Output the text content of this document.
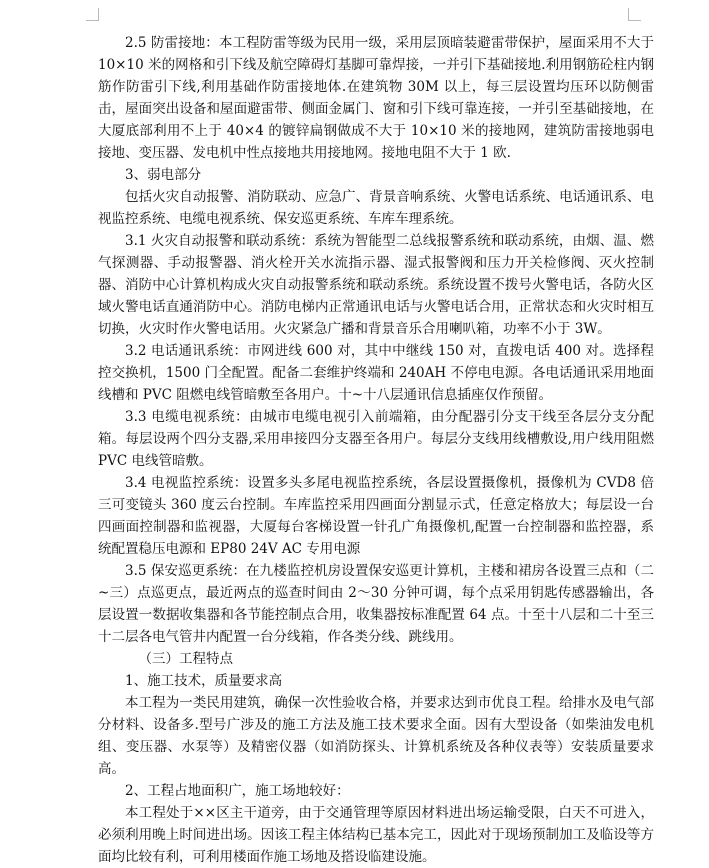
2.5 防雷接地：本工程防雷等级为民用一级，采用层顶暗装避雷带保护，屋面采用不大于10×10 米的网格和引下线及航空障碍灯基脚可靠焊接，一并引下基础接地.利用钢筋砼柱内钢筋作防雷引下线,利用基础作防雷接地体.在建筑物 30M 以上，每三层设置均压环以防侧雷击，屋面突出设备和屋面避雷带、侧面金属门、窗和引下线可靠连接，一并引至基础接地，在大厦底部利用不上于 40×4 的镀锌扁钢做成不大于 10×10 米的接地网，建筑防雷接地弱电接地、变压器、发电机中性点接地共用接地网。接地电阻不大于 1 欧.

3、弱电部分

包括火灾自动报警、消防联动、应急广、背景音响系统、火警电话系统、电话通讯系、电视监控系统、电缆电视系统、保安巡更系统、车库车理系统。

3.1 火灾自动报警和联动系统：系统为智能型二总线报警系统和联动系统，由烟、温、燃气探测器、手动报警器、消火栓开关水流指示器、湿式报警阀和压力开关检修阀、灭火控制器、消防中心计算机构成火灾自动报警系统和联动系统。系统设置不拨号火警电话，各防火区域火警电话直通消防中心。消防电梯内正常通讯电话与火警电话合用，正常状态和火灾时相互切换，火灾时作火警电话用。火灾紧急广播和背景音乐合用喇叭箱，功率不小于 3W。

3.2 电话通讯系统：市网进线 600 对，其中中继线 150 对，直拨电话 400 对。选择程控交换机，1500 门全配置。配备二套维护终端和 240AH 不停电电源。各电话通讯采用地面线槽和 PVC 阻燃电线管暗敷至各用户。十~十八层通讯信息插座仅作预留。

3.3 电缆电视系统：由城市电缆电视引入前端箱，由分配器引分支干线至各层分支分配箱。每层设两个四分支器,采用串接四分支器至各用户。每层分支线用线槽敷设,用户线用阻燃 PVC 电线管暗敷。

3.4 电视监控系统：设置多头多尾电视监控系统，各层设置摄像机，摄像机为 CVD8 倍三可变镜头 360 度云台控制。车库监控采用四画面分割显示式，任意定格放大；每层设一台四画面控制器和监视器，大厦每台客梯设置一针孔广角摄像机,配置一台控制器和监控器，系统配置稳压电源和 EP80 24V AC 专用电源

3.5 保安巡更系统：在九楼监控机房设置保安巡更计算机，主楼和裙房各设置三点和（二~三）点巡更点，最近两点的巡查时间由 2～30 分钟可调，每个点采用钥匙传感器输出，各层设置一数据收集器和各节能控制点合用，收集器按标准配置 64 点。十至十八层和二十至三十二层各电气管井内配置一台分线箱，作各类分线、跳线用。

（三）工程特点

1、施工技术，质量要求高

本工程为一类民用建筑，确保一次性验收合格，并要求达到市优良工程。给排水及电气部分材料、设备多.型号广涉及的施工方法及施工技术要求全面。因有大型设备（如柴油发电机组、变压器、水泵等）及精密仪器（如消防探头、计算机系统及各种仪表等）安装质量要求高。

2、工程占地面积广，施工场地较好：

本工程处于××区主干道旁，由于交通管理等原因材料进出场运输受限，白天不可进入，必须利用晚上时间进出场。因该工程主体结构已基本完工，因此对于现场预制加工及临设等方面均比较有利，可利用楼面作施工场地及搭设临建设施。
